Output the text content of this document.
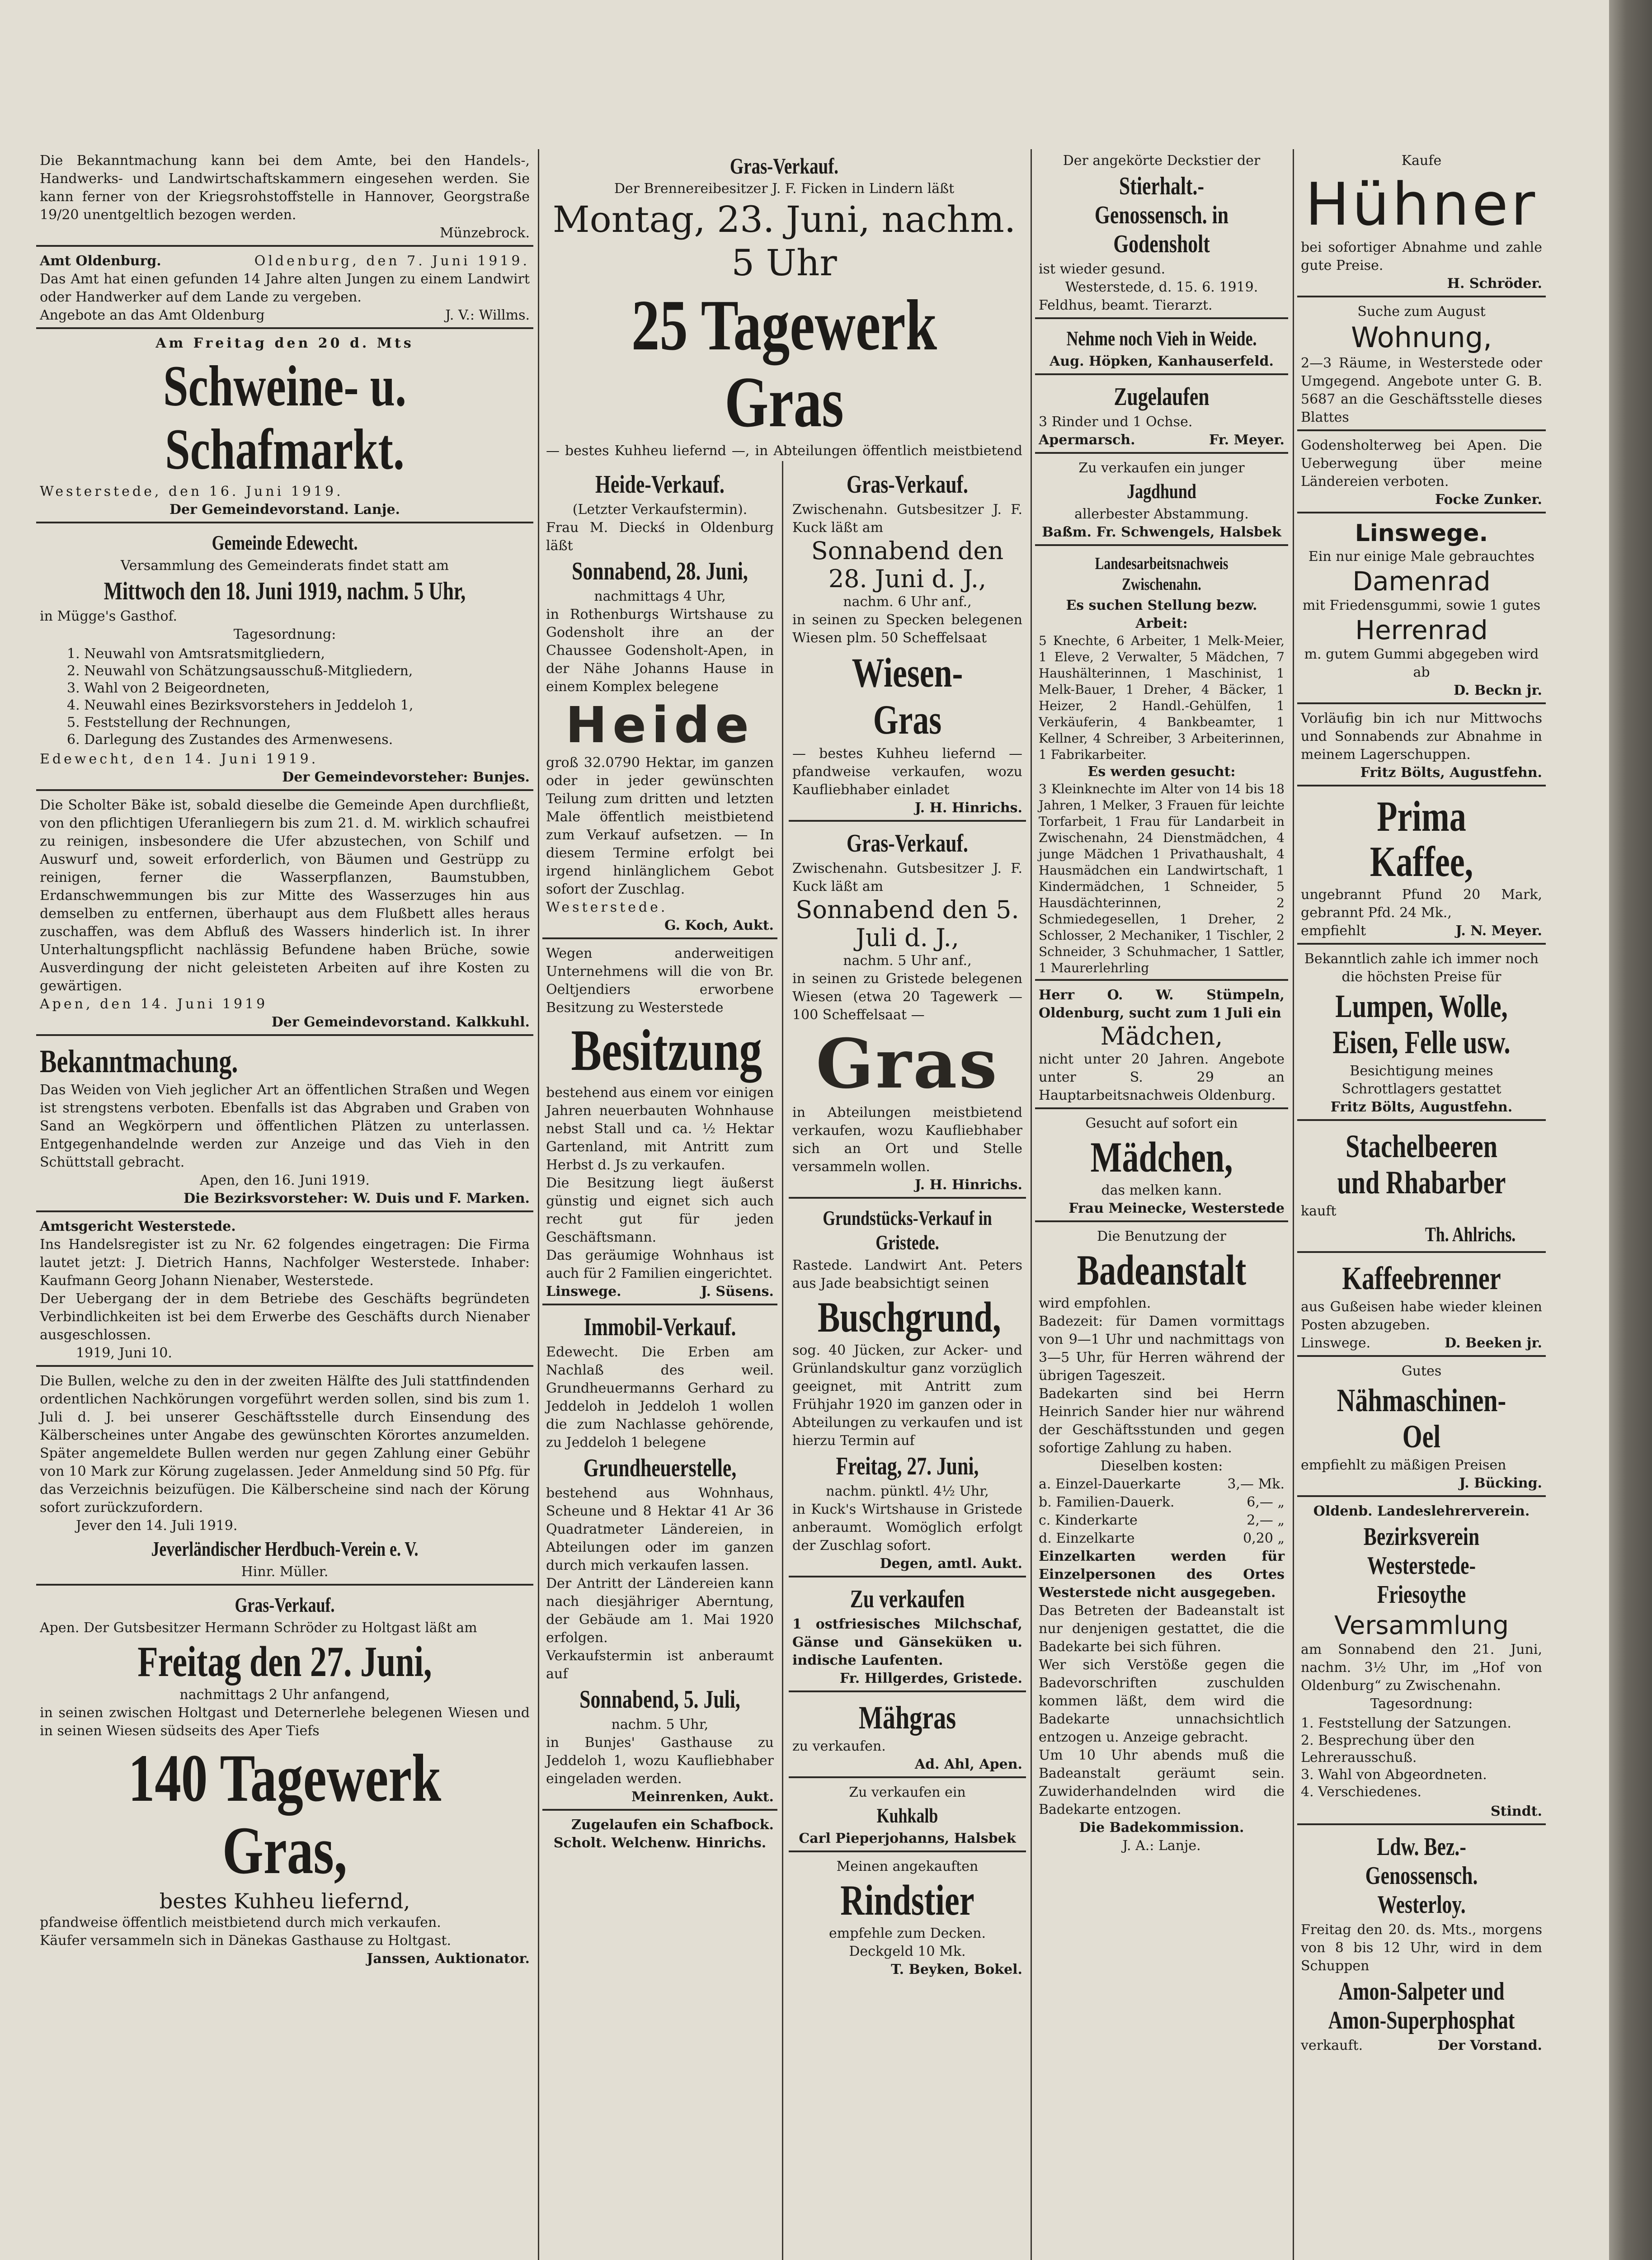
Die Bekanntmachung kann bei dem Amte, bei den Handels-, Handwerks- und Landwirtschaftskammern eingesehen werden. Sie kann ferner von der Kriegsrohstoffstelle in Hannover, Georgstraße 19/20 unentgeltlich bezogen werden.

Münzebrock.

Amt Oldenburg.	Oldenburg, den 7. Juni 1919.

Das Amt hat einen gefunden 14 Jahre alten Jungen zu einem Landwirt oder Handwerker auf dem Lande zu vergeben.

Angebote an das Amt Oldenburg	J. V.: Willms.

Am Freitag den 20 d. Mts

Schweine- u. Schafmarkt.

Westerstede, den 16. Juni 1919.

Der Gemeindevorstand. Lanje.

Gemeinde Edewecht.

Versammlung des Gemeinderats findet statt am

Mittwoch den 18. Juni 1919, nachm. 5 Uhr,

in Mügge's Gasthof.

Tagesordnung:

1. Neuwahl von Amtsratsmitgliedern,
2. Neuwahl von Schätzungsausschuß-Mitgliedern,
3. Wahl von 2 Beigeordneten,
4. Neuwahl eines Bezirksvorstehers in Jeddeloh 1,
5. Feststellung der Rechnungen,
6. Darlegung des Zustandes des Armenwesens.

Edewecht, den 14. Juni 1919.

Der Gemeindevorsteher: Bunjes.

Die Scholter Bäke ist, sobald dieselbe die Gemeinde Apen durchfließt, von den pflichtigen Uferanliegern bis zum 21. d. M. wirklich schaufrei zu reinigen, insbesondere die Ufer abzustechen, von Schilf und Auswurf und, soweit erforderlich, von Bäumen und Gestrüpp zu reinigen, ferner die Wasserpflanzen, Baumstubben, Erdanschwemmungen bis zur Mitte des Wasserzuges hin aus demselben zu entfernen, überhaupt aus dem Flußbett alles heraus zuschaffen, was dem Abfluß des Wassers hinderlich ist. In ihrer Unterhaltungspflicht nachlässig Befundene haben Brüche, sowie Ausverdingung der nicht geleisteten Arbeiten auf ihre Kosten zu gewärtigen.

Apen, den 14. Juni 1919

Der Gemeindevorstand. Kalkkuhl.

Bekanntmachung.

Das Weiden von Vieh jeglicher Art an öffentlichen Straßen und Wegen ist strengstens verboten. Ebenfalls ist das Abgraben und Graben von Sand an Wegkörpern und öffentlichen Plätzen zu unterlassen. Entgegenhandelnde werden zur Anzeige und das Vieh in den Schüttstall gebracht.

Apen, den 16. Juni 1919.

Die Bezirksvorsteher: W. Duis und F. Marken.

Amtsgericht Westerstede.

Ins Handelsregister ist zu Nr. 62 folgendes eingetragen: Die Firma lautet jetzt: J. Dietrich Hanns, Nachfolger Westerstede. Inhaber: Kaufmann Georg Johann Nienaber, Westerstede.

Der Uebergang der in dem Betriebe des Geschäfts begründeten Verbindlichkeiten ist bei dem Erwerbe des Geschäfts durch Nienaber ausgeschlossen.

1919, Juni 10.

Die Bullen, welche zu den in der zweiten Hälfte des Juli stattfindenden ordentlichen Nachkörungen vorgeführt werden sollen, sind bis zum 1. Juli d. J. bei unserer Geschäftsstelle durch Einsendung des Kälberscheines unter Angabe des gewünschten Körortes anzumelden. Später angemeldete Bullen werden nur gegen Zahlung einer Gebühr von 10 Mark zur Körung zugelassen. Jeder Anmeldung sind 50 Pfg. für das Verzeichnis beizufügen. Die Kälberscheine sind nach der Körung sofort zurückzufordern.

Jever den 14. Juli 1919.

Jeverländischer Herdbuch-Verein e. V.

Hinr. Müller.

Gras-Verkauf.

Apen. Der Gutsbesitzer Hermann Schröder zu Holtgast läßt am

Freitag den 27. Juni,

nachmittags 2 Uhr anfangend,

in seinen zwischen Holtgast und Deternerlehe belegenen Wiesen und in seinen Wiesen südseits des Aper Tiefs

140 Tagewerk Gras,

bestes Kuhheu liefernd,

pfandweise öffentlich meistbietend durch mich verkaufen.

Käufer versammeln sich in Dänekas Gasthause zu Holtgast.

Janssen, Auktionator.

Gras-Verkauf.

Der Brennereibesitzer J. F. Ficken in Lindern läßt

Montag, 23. Juni, nachm. 5 Uhr
25 Tagewerk Gras

— bestes Kuhheu liefernd —, in Abteilungen öffentlich meistbietend

Heide-Verkauf.

(Letzter Verkaufstermin).

Frau M. Dieckś in Oldenburg läßt

Sonnabend, 28. Juni,

nachmittags 4 Uhr,

in Rothenburgs Wirtshause zu Godensholt ihre an der Chaussee Godensholt-Apen, in der Nähe Johanns Hause in einem Komplex belegene

Heide

groß 32.0790 Hektar, im ganzen oder in jeder gewünschten Teilung zum dritten und letzten Male öffentlich meistbietend zum Verkauf aufsetzen. — In diesem Termine erfolgt bei irgend hinlänglichem Gebot sofort der Zuschlag.

Westerstede.

G. Koch, Aukt.

Wegen anderweitigen Unternehmens will die von Br. Oeltjendiers erworbene Besitzung zu Westerstede

Besitzung

bestehend aus einem vor einigen Jahren neuerbauten Wohnhause nebst Stall und ca. ½ Hektar Gartenland, mit Antritt zum Herbst d. Js zu verkaufen.

Die Besitzung liegt äußerst günstig und eignet sich auch recht gut für jeden Geschäftsmann.

Das geräumige Wohnhaus ist auch für 2 Familien eingerichtet.

Linswege.	J. Süsens.
Immobil-Verkauf.

Edewecht. Die Erben am Nachlaß des weil. Grundheuermanns Gerhard zu Jeddeloh in Jeddeloh 1 wollen die zum Nachlasse gehörende, zu Jeddeloh 1 belegene

Grundheuerstelle,

bestehend aus Wohnhaus, Scheune und 8 Hektar 41 Ar 36 Quadratmeter Ländereien, in Abteilungen oder im ganzen durch mich verkaufen lassen.

Der Antritt der Ländereien kann nach diesjähriger Aberntung, der Gebäude am 1. Mai 1920 erfolgen.

Verkaufstermin ist anberaumt auf

Sonnabend, 5. Juli,

nachm. 5 Uhr,

in Bunjes' Gasthause zu Jeddeloh 1, wozu Kaufliebhaber eingeladen werden.

Meinrenken, Aukt.

Zugelaufen ein Schafbock.

Scholt. Welchenw. Hinrichs.

Gras-Verkauf.

Zwischenahn. Gutsbesitzer J. F. Kuck läßt am

Sonnabend den 28. Juni d. J.,

nachm. 6 Uhr anf.,

in seinen zu Specken belegenen Wiesen plm. 50 Scheffelsaat

Wiesen-Gras

— bestes Kuhheu liefernd — pfandweise verkaufen, wozu Kaufliebhaber einladet

J. H. Hinrichs.

Gras-Verkauf.

Zwischenahn. Gutsbesitzer J. F. Kuck läßt am

Sonnabend den 5. Juli d. J.,

nachm. 5 Uhr anf.,

in seinen zu Gristede belegenen Wiesen (etwa 20 Tagewerk — 100 Scheffelsaat —

Gras

in Abteilungen meistbietend verkaufen, wozu Kaufliebhaber sich an Ort und Stelle versammeln wollen.

J. H. Hinrichs.

Grundstücks-Verkauf in Gristede.

Rastede. Landwirt Ant. Peters aus Jade beabsichtigt seinen

Buschgrund,

sog. 40 Jücken, zur Acker- und Grünlandskultur ganz vorzüglich geeignet, mit Antritt zum Frühjahr 1920 im ganzen oder in Abteilungen zu verkaufen und ist hierzu Termin auf

Freitag, 27. Juni,

nachm. pünktl. 4½ Uhr,

in Kuck's Wirtshause in Gristede anberaumt. Womöglich erfolgt der Zuschlag sofort.

Degen, amtl. Aukt.

Zu verkaufen

1 ostfriesisches Milchschaf, Gänse und Gänseküken u. indische Laufenten.

Fr. Hillgerdes, Gristede.

Mähgras

zu verkaufen.

Ad. Ahl, Apen.

Zu verkaufen ein

Kuhkalb

Carl Pieperjohanns, Halsbek

Meinen angekauften

Rindstier

empfehle zum Decken.

Deckgeld 10 Mk.

T. Beyken, Bokel.

Der angekörte Deckstier der

Stierhalt.-Genossensch. in Godensholt

ist wieder gesund.

Westerstede, d. 15. 6. 1919.

Feldhus, beamt. Tierarzt.

Nehme noch Vieh in Weide.

Aug. Höpken, Kanhauserfeld.

Zugelaufen

3 Rinder und 1 Ochse.

Apermarsch.	Fr. Meyer.

Zu verkaufen ein junger

Jagdhund

allerbester Abstammung.

Baßm. Fr. Schwengels, Halsbek

Landesarbeitsnachweis Zwischenahn.

Es suchen Stellung bezw. Arbeit:

5 Knechte, 6 Arbeiter, 1 Melk-Meier, 1 Eleve, 2 Verwalter, 5 Mädchen, 7 Haushälterinnen, 1 Maschinist, 1 Melk-Bauer, 1 Dreher, 4 Bäcker, 1 Heizer, 2 Handl.-Gehülfen, 1 Verkäuferin, 4 Bankbeamter, 1 Kellner, 4 Schreiber, 3 Arbeiterinnen, 1 Fabrikarbeiter.

Es werden gesucht:

3 Kleinknechte im Alter von 14 bis 18 Jahren, 1 Melker, 3 Frauen für leichte Torfarbeit, 1 Frau für Landarbeit in Zwischenahn, 24 Dienstmädchen, 4 junge Mädchen 1 Privathaushalt, 4 Hausmädchen ein Landwirtschaft, 1 Kindermädchen, 1 Schneider, 5 Hausdächterinnen, 2 Schmiedegesellen, 1 Dreher, 2 Schlosser, 2 Mechaniker, 1 Tischler, 2 Schneider, 3 Schuhmacher, 1 Sattler, 1 Maurerlehrling

Herr O. W. Stümpeln, Oldenburg, sucht zum 1 Juli ein

Mädchen,

nicht unter 20 Jahren. Angebote unter S. 29 an Hauptarbeitsnachweis Oldenburg.

Gesucht auf sofort ein

Mädchen,

das melken kann.

Frau Meinecke, Westerstede

Die Benutzung der

Badeanstalt

wird empfohlen.

Badezeit: für Damen vormittags von 9—1 Uhr und nachmittags von 3—5 Uhr, für Herren während der übrigen Tageszeit.

Badekarten sind bei Herrn Heinrich Sander hier nur während der Geschäftsstunden und gegen sofortige Zahlung zu haben.

Dieselben kosten:

a. Einzel-Dauerkarte	3,— Mk.
b. Familien-Dauerk.	6,— „
c. Kinderkarte	2,— „
d. Einzelkarte	0,20 „

Einzelkarten werden für Einzelpersonen des Ortes Westerstede nicht ausgegeben.

Das Betreten der Badeanstalt ist nur denjenigen gestattet, die die Badekarte bei sich führen.

Wer sich Verstöße gegen die Badevorschriften zuschulden kommen läßt, dem wird die Badekarte unnachsichtlich entzogen u. Anzeige gebracht.

Um 10 Uhr abends muß die Badeanstalt geräumt sein. Zuwiderhandelnden wird die Badekarte entzogen.

Die Badekommission.

J. A.: Lanje.

Kaufe

Hühner

bei sofortiger Abnahme und zahle gute Preise.

H. Schröder.

Suche zum August

Wohnung,

2—3 Räume, in Westerstede oder Umgegend. Angebote unter G. B. 5687 an die Geschäftsstelle dieses Blattes

Godensholterweg bei Apen. Die Ueberwegung über meine Ländereien verboten.

Focke Zunker.

Linswege.

Ein nur einige Male gebrauchtes

Damenrad

mit Friedensgummi, sowie 1 gutes

Herrenrad

m. gutem Gummi abgegeben wird ab

D. Beckn jr.

Vorläufig bin ich nur Mittwochs und Sonnabends zur Abnahme in meinem Lagerschuppen.

Fritz Bölts, Augustfehn.

Prima Kaffee,

ungebrannt Pfund 20 Mark, gebrannt Pfd. 24 Mk.,

empfiehlt	J. N. Meyer.

Bekanntlich zahle ich immer noch die höchsten Preise für

Lumpen, Wolle, Eisen, Felle usw.

Besichtigung meines Schrottlagers gestattet

Fritz Bölts, Augustfehn.

Stachelbeeren und Rhabarber

kauft

Th. Ahlrichs.
Kaffeebrenner

aus Gußeisen habe wieder kleinen Posten abzugeben.

Linswege.	D. Beeken jr.

Gutes

Nähmaschinen-Oel

empfiehlt zu mäßigen Preisen

J. Bücking.

Oldenb. Landeslehrerverein.

Bezirksverein Westerstede-Friesoythe
Versammlung

am Sonnabend den 21. Juni, nachm. 3½ Uhr, im „Hof von Oldenburg“ zu Zwischenahn.

Tagesordnung:

1. Feststellung der Satzungen.
2. Besprechung über den Lehrerausschuß.
3. Wahl von Abgeordneten.
4. Verschiedenes.

Stindt.

Ldw. Bez.-Genossensch. Westerloy.

Freitag den 20. ds. Mts., morgens von 8 bis 12 Uhr, wird in dem Schuppen

Amon-Salpeter und Amon-Superphosphat
verkauft.	Der Vorstand.
